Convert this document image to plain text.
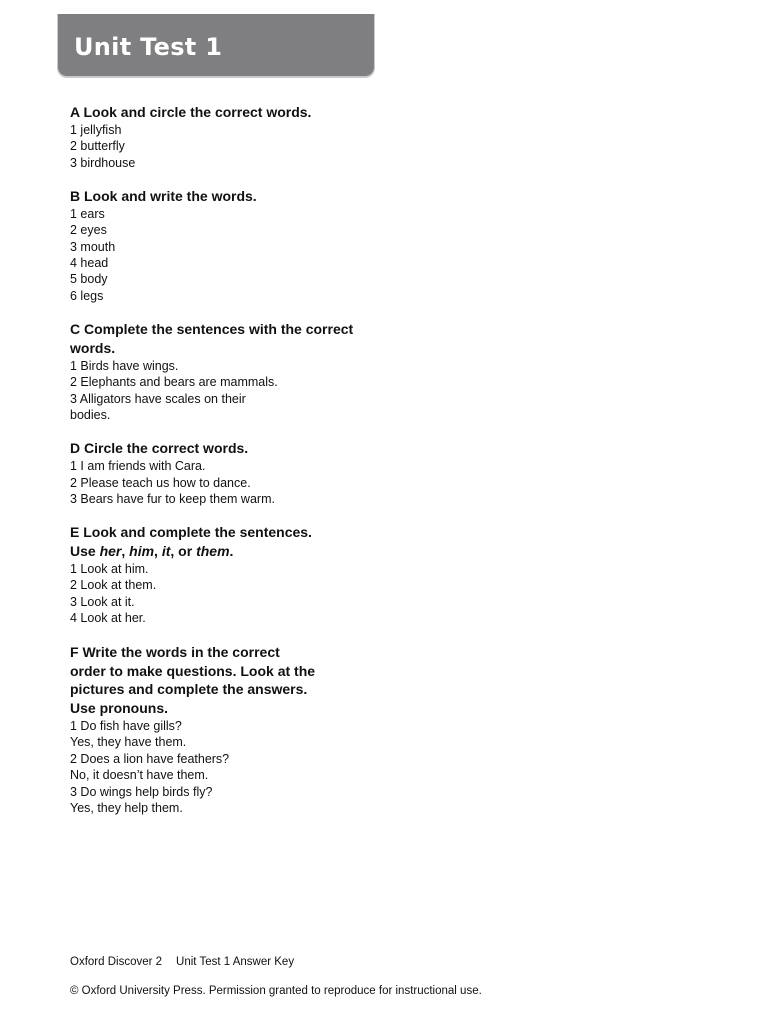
Unit Test 1

A Look and circle the correct words.

1 jellyfish

2 butterfly

3 birdhouse

B Look and write the words.

1 ears

2 eyes

3 mouth

4 head

5 body

6 legs

C Complete the sentences with the correct

words.

1 Birds have wings.

2 Elephants and bears are mammals.

3 Alligators have scales on their

bodies.

D Circle the correct words.

1 I am friends with Cara.

2 Please teach us how to dance.

3 Bears have fur to keep them warm.

E Look and complete the sentences.

Use her, him, it, or them.

1 Look at him.

2 Look at them.

3 Look at it.

4 Look at her.

F Write the words in the correct

order to make questions. Look at the

pictures and complete the answers.

Use pronouns.

1 Do fish have gills?

Yes, they have them.

2 Does a lion have feathers?

No, it doesn’t have them.

3 Do wings help birds fly?

Yes, they help them.

Oxford Discover 2 Unit Test 1 Answer Key
© Oxford University Press. Permission granted to reproduce for instructional use.
